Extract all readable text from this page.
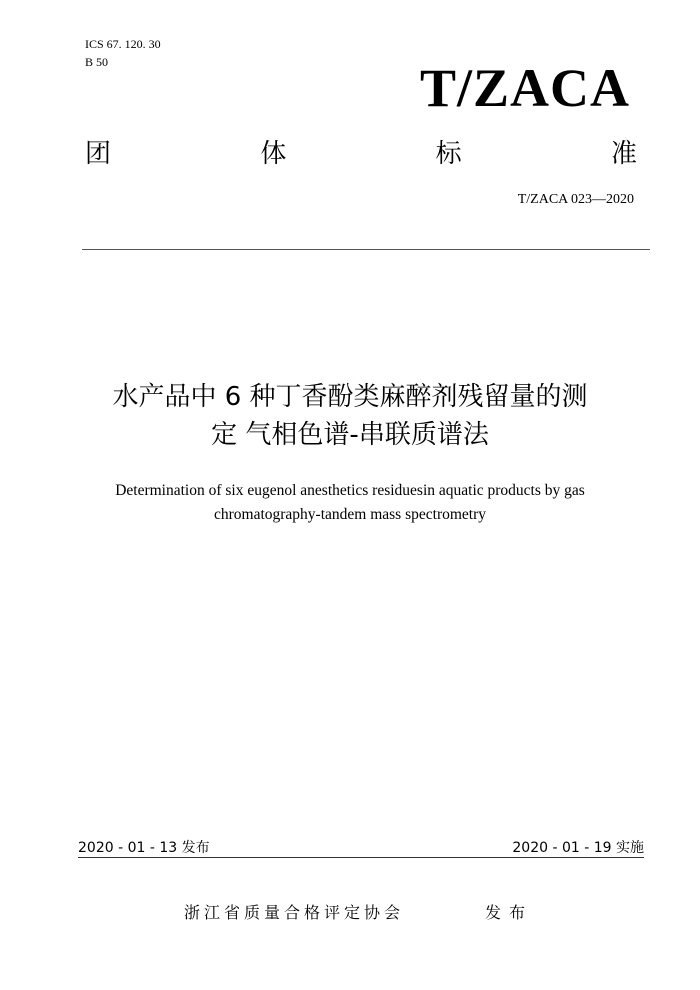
ICS 67. 120. 30
B 50	T/ZACA
团	体	标	准
T/ZACA 023—2020
水产品中 6 种丁香酚类麻醉剂残留量的测
定 气相色谱-串联质谱法
Determination of six eugenol anesthetics residuesin aquatic products by gas
chromatography-tandem mass spectrometry
2020 - 01 - 13 发布	2020 - 01 - 19 实施
浙江省质量合格评定协会	发布
